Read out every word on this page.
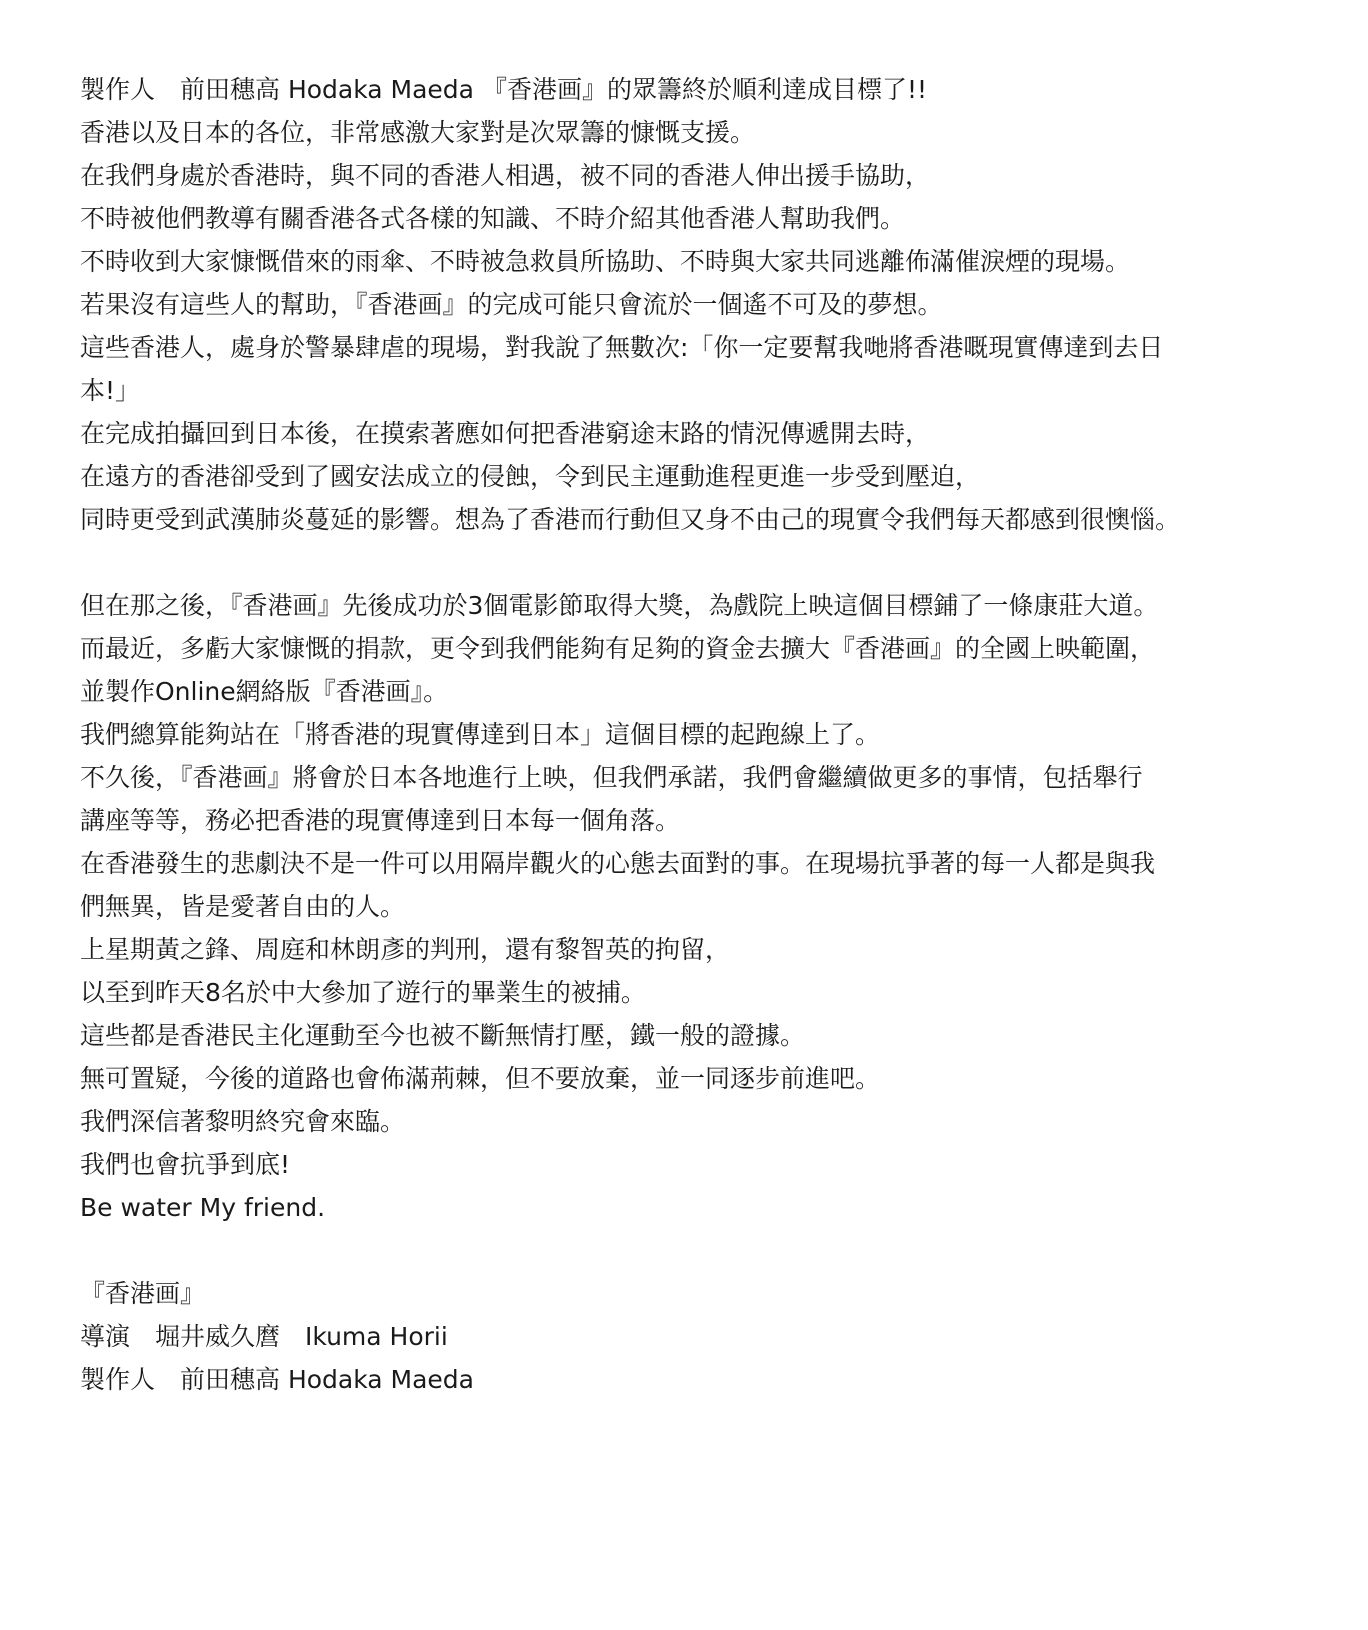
製作人　前田穗高 Hodaka Maeda 『香港画』的眾籌終於順利達成目標了!!
香港以及日本的各位，非常感激大家對是次眾籌的慷慨支援。
在我們身處於香港時，與不同的香港人相遇，被不同的香港人伸出援手協助，
不時被他們教導有關香港各式各樣的知識、不時介紹其他香港人幫助我們。
不時收到大家慷慨借來的雨傘、不時被急救員所協助、不時與大家共同逃離佈滿催淚煙的現場。
若果沒有這些人的幫助，『香港画』的完成可能只會流於一個遙不可及的夢想。
這些香港人，處身於警暴肆虐的現場，對我說了無數次:「你一定要幫我哋將香港嘅現實傳達到去日
本!」
在完成拍攝回到日本後，在摸索著應如何把香港窮途末路的情況傳遞開去時，
在遠方的香港卻受到了國安法成立的侵蝕，令到民主運動進程更進一步受到壓迫，
同時更受到武漢肺炎蔓延的影響。想為了香港而行動但又身不由己的現實令我們每天都感到很懊惱。
但在那之後，『香港画』先後成功於3個電影節取得大獎，為戲院上映這個目標鋪了一條康莊大道。
而最近，多虧大家慷慨的捐款，更令到我們能夠有足夠的資金去擴大『香港画』的全國上映範圍，
並製作Online網絡版『香港画』。
我們總算能夠站在「將香港的現實傳達到日本」這個目標的起跑線上了。
不久後，『香港画』將會於日本各地進行上映，但我們承諾，我們會繼續做更多的事情，包括舉行
講座等等，務必把香港的現實傳達到日本每一個角落。
在香港發生的悲劇決不是一件可以用隔岸觀火的心態去面對的事。在現場抗爭著的每一人都是與我
們無異，皆是愛著自由的人。
上星期黃之鋒、周庭和林朗彥的判刑，還有黎智英的拘留，
以至到昨天8名於中大參加了遊行的畢業生的被捕。
這些都是香港民主化運動至今也被不斷無情打壓，鐵一般的證據。
無可置疑，今後的道路也會佈滿荊棘，但不要放棄，並一同逐步前進吧。
我們深信著黎明終究會來臨。
我們也會抗爭到底!
Be water My friend.
『香港画』
導演　堀井威久麿　Ikuma Horii
製作人　前田穗高 Hodaka Maeda
